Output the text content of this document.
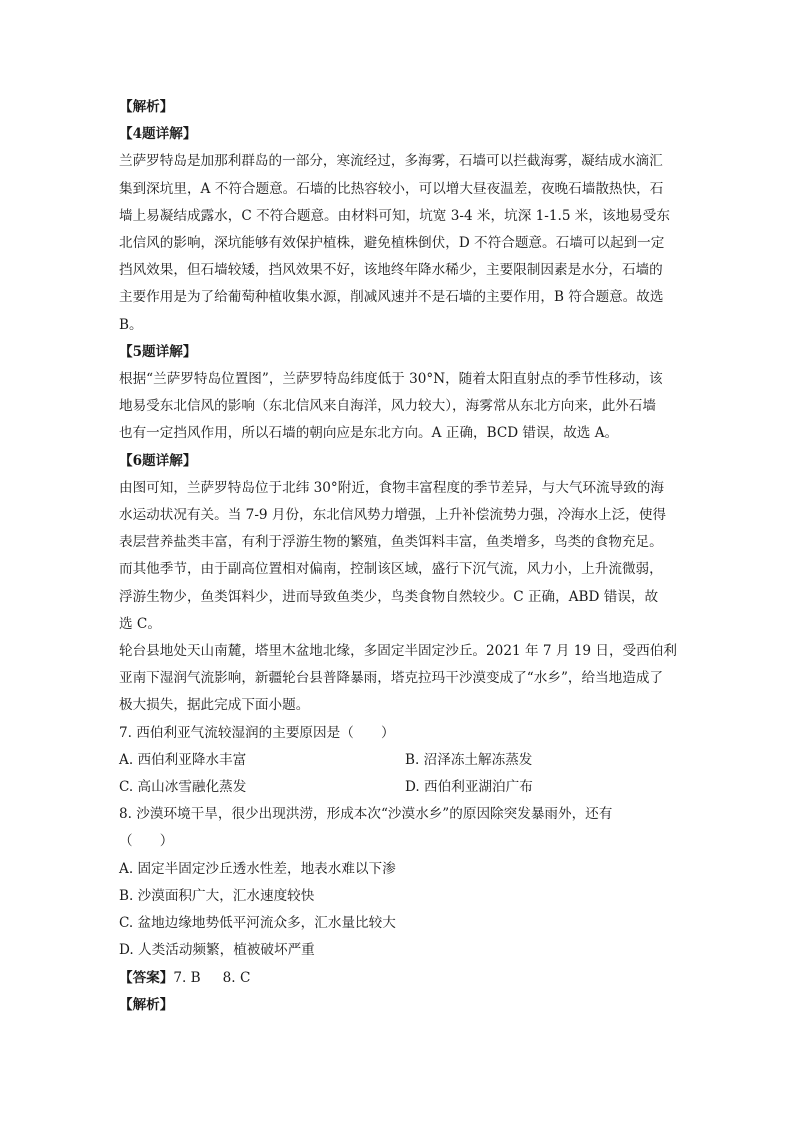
【解析】
【4题详解】
兰萨罗特岛是加那利群岛的一部分，寒流经过，多海雾，石墙可以拦截海雾，凝结成水滴汇
集到深坑里，A 不符合题意。石墙的比热容较小，可以增大昼夜温差，夜晚石墙散热快，石
墙上易凝结成露水，C 不符合题意。由材料可知，坑宽 3-4 米，坑深 1-1.5 米，该地易受东
北信风的影响，深坑能够有效保护植株，避免植株倒伏，D 不符合题意。石墙可以起到一定
挡风效果，但石墙较矮，挡风效果不好，该地终年降水稀少，主要限制因素是水分，石墙的
主要作用是为了给葡萄种植收集水源，削减风速并不是石墙的主要作用，B 符合题意。故选
B。
【5题详解】
根据“兰萨罗特岛位置图”，兰萨罗特岛纬度低于 30°N，随着太阳直射点的季节性移动，该
地易受东北信风的影响（东北信风来自海洋，风力较大），海雾常从东北方向来，此外石墙
也有一定挡风作用，所以石墙的朝向应是东北方向。A 正确，BCD 错误，故选 A。
【6题详解】
由图可知，兰萨罗特岛位于北纬 30°附近，食物丰富程度的季节差异，与大气环流导致的海
水运动状况有关。当 7-9 月份，东北信风势力增强，上升补偿流势力强，冷海水上泛，使得
表层营养盐类丰富，有利于浮游生物的繁殖，鱼类饵料丰富，鱼类增多，鸟类的食物充足。
而其他季节，由于副高位置相对偏南，控制该区域，盛行下沉气流，风力小，上升流微弱，
浮游生物少，鱼类饵料少，进而导致鱼类少，鸟类食物自然较少。C 正确，ABD 错误，故
选 C。
轮台县地处天山南麓，塔里木盆地北缘，多固定半固定沙丘。2021 年 7 月 19 日，受西伯利
亚南下湿润气流影响，新疆轮台县普降暴雨，塔克拉玛干沙漠变成了“水乡”，给当地造成了
极大损失，据此完成下面小题。
7. 西伯利亚气流较湿润的主要原因是（　　）
A. 西伯利亚降水丰富	B. 沼泽冻土解冻蒸发
C. 高山冰雪融化蒸发	D. 西伯利亚湖泊广布
8. 沙漠环境干旱，很少出现洪涝，形成本次“沙漠水乡”的原因除突发暴雨外，还有
（　　）
A. 固定半固定沙丘透水性差，地表水难以下渗
B. 沙漠面积广大，汇水速度较快
C. 盆地边缘地势低平河流众多，汇水量比较大
D. 人类活动频繁，植被破坏严重
【答案】7. B 8. C
【解析】
